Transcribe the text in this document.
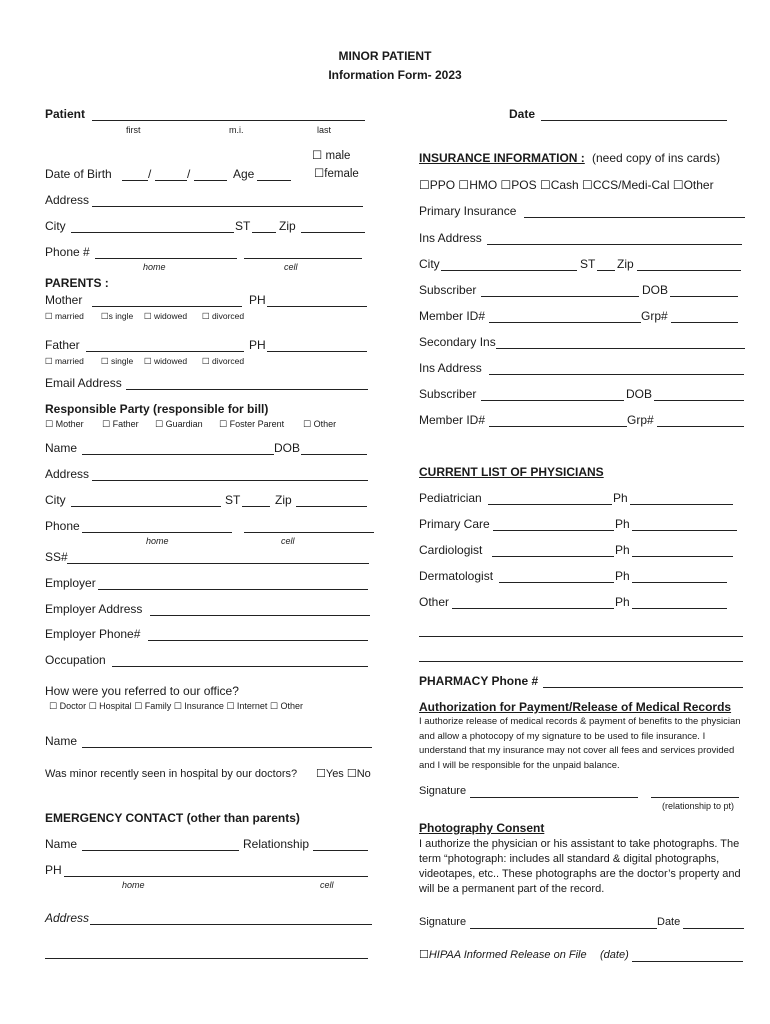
MINOR PATIENT
Information Form- 2023
Patient
first	m.i.	last
☐ male
☐female
Date of Birth	/	/	Age
Address
City	ST Zip
Phone #
home	cell
PARENTS :
Mother	PH
☐ married ☐s ingle ☐ widowed ☐ divorced
Father	PH
☐ married ☐ single ☐ widowed ☐ divorced
Email Address
Responsible Party (responsible for bill)
☐ Mother ☐ Father ☐ Guardian ☐ Foster Parent ☐ Other
Name	DOB
Address
City	ST	Zip
Phone
home	cell
SS#
Employer
Employer Address
Employer Phone#
Occupation
How were you referred to our office?
☐ Doctor ☐ Hospital ☐ Family ☐ Insurance ☐ Internet ☐ Other
Name
Was minor recently seen in hospital by our doctors? ☐Yes ☐No
EMERGENCY CONTACT (other than parents)
Name	Relationship
PH
home	cell
Address
Date
INSURANCE INFORMATION : (need copy of ins cards)
☐PPO ☐HMO ☐POS ☐Cash ☐CCS/Medi-Cal ☐Other
Primary Insurance
Ins Address
City	ST Zip
Subscriber	DOB
Member ID#	Grp#
Secondary Ins
Ins Address
Subscriber	DOB
Member ID#	Grp#
CURRENT LIST OF PHYSICIANS
Pediatrician	Ph
Primary Care	Ph
Cardiologist	Ph
Dermatologist	Ph
Other	Ph
PHARMACY Phone #
Authorization for Payment/Release of Medical Records
I authorize release of medical records & payment of benefits to the physician and allow a photocopy of my signature to be used to file insurance. I understand that my insurance may not cover all fees and services provided and I will be responsible for the unpaid balance.
Signature
(relationship to pt)
Photography Consent
I authorize the physician or his assistant to take photographs. The term “photograph: includes all standard & digital photographs, videotapes, etc.. These photographs are the doctor’s property and will be a permanent part of the record.
Signature	Date
☐HIPAA Informed Release on File (date)
